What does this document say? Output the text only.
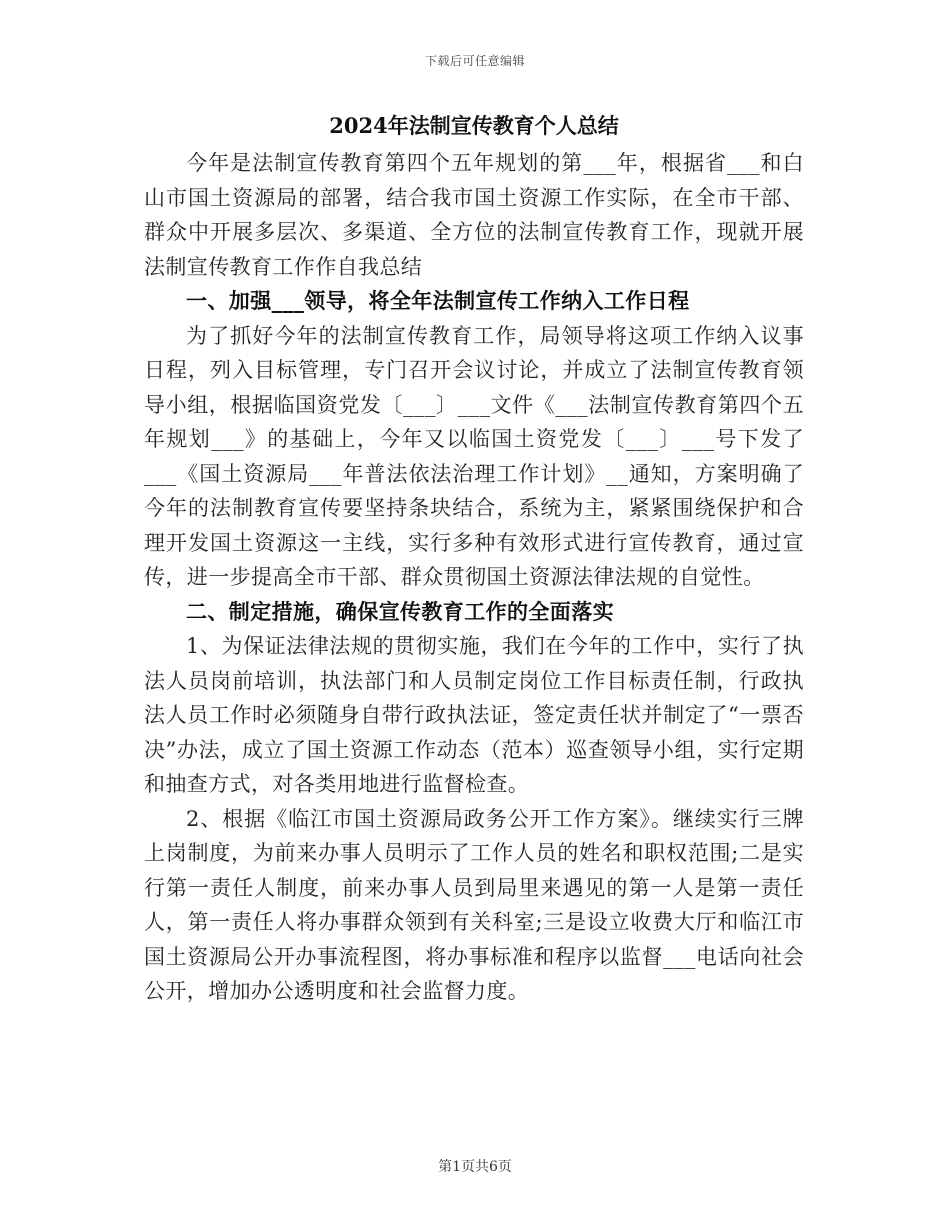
下载后可任意编辑
2024年法制宣传教育个人总结

今年是法制宣传教育第四个五年规划的第___年，根据省___和白山市国土资源局的部署，结合我市国土资源工作实际，在全市干部、群众中开展多层次、多渠道、全方位的法制宣传教育工作，现就开展法制宣传教育工作作自我总结

一、加强___领导，将全年法制宣传工作纳入工作日程

为了抓好今年的法制宣传教育工作，局领导将这项工作纳入议事日程，列入目标管理，专门召开会议讨论，并成立了法制宣传教育领导小组，根据临国资党发〔___〕___文件《___法制宣传教育第四个五年规划___》的基础上，今年又以临国土资党发〔___〕___号下发了___《国土资源局___年普法依法治理工作计划》__通知，方案明确了今年的法制教育宣传要坚持条块结合，系统为主，紧紧围绕保护和合理开发国土资源这一主线，实行多种有效形式进行宣传教育，通过宣传，进一步提高全市干部、群众贯彻国土资源法律法规的自觉性。

二、制定措施，确保宣传教育工作的全面落实

1、为保证法律法规的贯彻实施，我们在今年的工作中，实行了执法人员岗前培训，执法部门和人员制定岗位工作目标责任制，行政执法人员工作时必须随身自带行政执法证，签定责任状并制定了“一票否决”办法，成立了国土资源工作动态（范本）巡查领导小组，实行定期和抽查方式，对各类用地进行监督检查。

2、根据《临江市国土资源局政务公开工作方案》。继续实行三牌上岗制度，为前来办事人员明示了工作人员的姓名和职权范围;二是实行第一责任人制度，前来办事人员到局里来遇见的第一人是第一责任人，第一责任人将办事群众领到有关科室;三是设立收费大厅和临江市国土资源局公开办事流程图，将办事标准和程序以监督___电话向社会公开，增加办公透明度和社会监督力度。

第1页共6页
